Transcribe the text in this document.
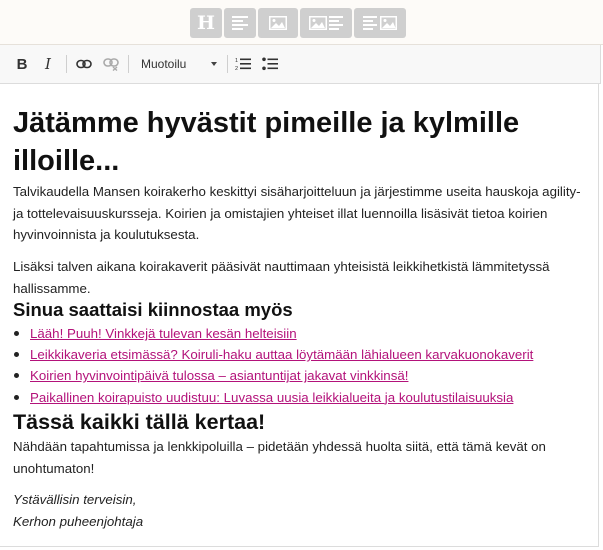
H
B I	Muotoilu	1
2
Jätämme hyvästit pimeille ja kylmille illoille...

Talvikaudella Mansen koirakerho keskittyi sisäharjoitteluun ja järjestimme useita hauskoja agility- ja tottelevaisuuskursseja. Koirien ja omistajien yhteiset illat luennoilla lisäsivät tietoa koirien hyvinvoinnista ja koulutuksesta.

Lisäksi talven aikana koirakaverit pääsivät nauttimaan yhteisistä leikkihetkistä lämmitetyssä hallissamme.

Sinua saattaisi kiinnostaa myös
Lääh! Puuh! Vinkkejä tulevan kesän helteisiin
Leikkikaveria etsimässä? Koiruli-haku auttaa löytämään lähialueen karvakuonokaverit
Koirien hyvinvointipäivä tulossa – asiantuntijat jakavat vinkkinsä!
Paikallinen koirapuisto uudistuu: Luvassa uusia leikkialueita ja koulutustilaisuuksia
Tässä kaikki tällä kertaa!

Nähdään tapahtumissa ja lenkkipoluilla – pidetään yhdessä huolta siitä, että tämä kevät on unohtumaton!

Ystävällisin terveisin,
Kerhon puheenjohtaja
